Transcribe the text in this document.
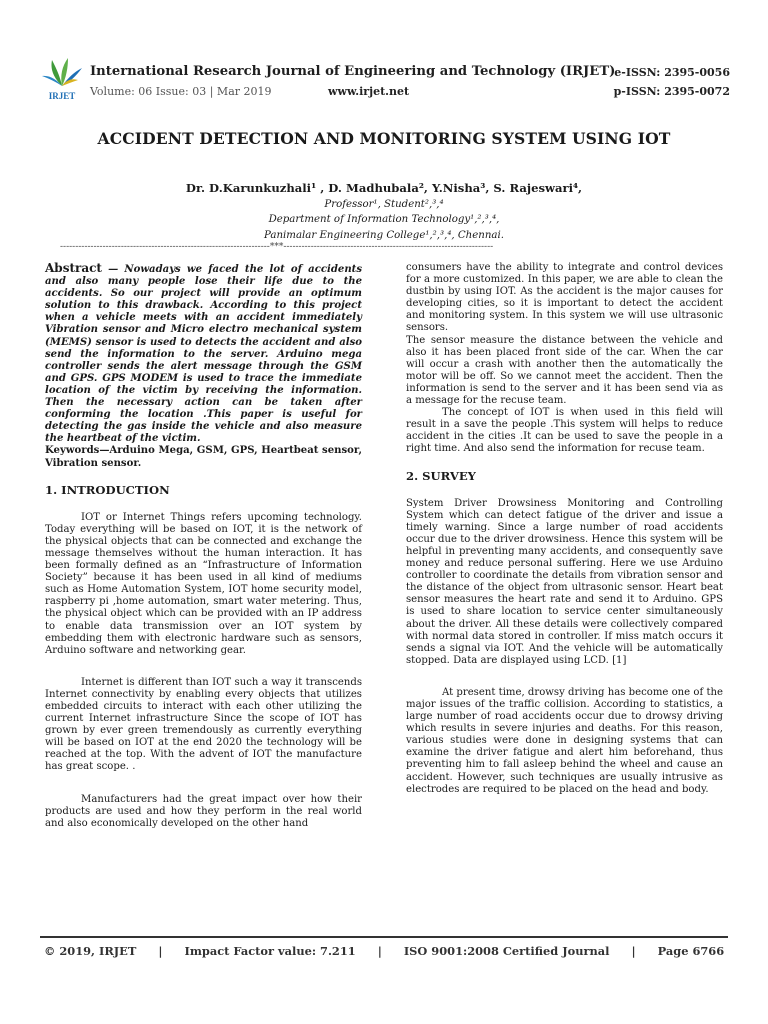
IRJET
International Research Journal of Engineering and Technology (IRJET)
Volume: 06 Issue: 03 | Mar 2019	www.irjet.net
e-ISSN: 2395-0056
p-ISSN: 2395-0072
ACCIDENT DETECTION AND MONITORING SYSTEM USING IOT
Dr. D.Karunkuzhali¹ , D. Madhubala², Y.Nisha³, S. Rajeswari⁴,
Professor¹, Student²,³,⁴
Department of Information Technology¹,²,³,⁴,
Panimalar Engineering College¹,²,³,⁴, Chennai.
---------------------------------------------------------------------***---------------------------------------------------------------------

Abstract — Nowadays we faced the lot of accidents and also many people lose their life due to the accidents. So our project will provide an optimum solution to this drawback. According to this project when a vehicle meets with an accident immediately Vibration sensor and Micro electro mechanical system (MEMS) sensor is used to detects the accident and also send the information to the server. Arduino mega controller sends the alert message through the GSM and GPS. GPS MODEM is used to trace the immediate location of the victim by receiving the information. Then the necessary action can be taken after conforming the location .This paper is useful for detecting the gas inside the vehicle and also measure the heartbeat of the victim.

Keywords—Arduino Mega, GSM, GPS, Heartbeat sensor, Vibration sensor.

1. INTRODUCTION

IOT or Internet Things refers upcoming technology. Today everything will be based on IOT, it is the network of the physical objects that can be connected and exchange the message themselves without the human interaction. It has been formally defined as an “Infrastructure of Information Society” because it has been used in all kind of mediums such as Home Automation System, IOT home security model, raspberry pi ,home automation, smart water metering. Thus, the physical object which can be provided with an IP address to enable data transmission over an IOT system by embedding them with electronic hardware such as sensors, Arduino software and networking gear.

Internet is different than IOT such a way it transcends Internet connectivity by enabling every objects that utilizes embedded circuits to interact with each other utilizing the current Internet infrastructure Since the scope of IOT has grown by ever green tremendously as currently everything will be based on IOT at the end 2020 the technology will be reached at the top. With the advent of IOT the manufacture has great scope. .

Manufacturers had the great impact over how their products are used and how they perform in the real world and also economically developed on the other hand

consumers have the ability to integrate and control devices for a more customized. In this paper, we are able to clean the dustbin by using IOT. As the accident is the major causes for developing cities, so it is important to detect the accident and monitoring system. In this system we will use ultrasonic sensors.

The sensor measure the distance between the vehicle and also it has been placed front side of the car. When the car will occur a crash with another then the automatically the motor will be off. So we cannot meet the accident. Then the information is send to the server and it has been send via as a message for the recuse team.

The concept of IOT is when used in this field will result in a save the people .This system will helps to reduce accident in the cities .It can be used to save the people in a right time. And also send the information for recuse team.

2. SURVEY

System Driver Drowsiness Monitoring and Controlling System which can detect fatigue of the driver and issue a timely warning. Since a large number of road accidents occur due to the driver drowsiness. Hence this system will be helpful in preventing many accidents, and consequently save money and reduce personal suffering. Here we use Arduino controller to coordinate the details from vibration sensor and the distance of the object from ultrasonic sensor. Heart beat sensor measures the heart rate and send it to Arduino. GPS is used to share location to service center simultaneously about the driver. All these details were collectively compared with normal data stored in controller. If miss match occurs it sends a signal via IOT. And the vehicle will be automatically stopped. Data are displayed using LCD. [1]

At present time, drowsy driving has become one of the major issues of the traffic collision. According to statistics, a large number of road accidents occur due to drowsy driving which results in severe injuries and deaths. For this reason, various studies were done in designing systems that can examine the driver fatigue and alert him beforehand, thus preventing him to fall asleep behind the wheel and cause an accident. However, such techniques are usually intrusive as electrodes are required to be placed on the head and body.

© 2019, IRJET | Impact Factor value: 7.211 | ISO 9001:2008 Certified Journal | Page 6766
